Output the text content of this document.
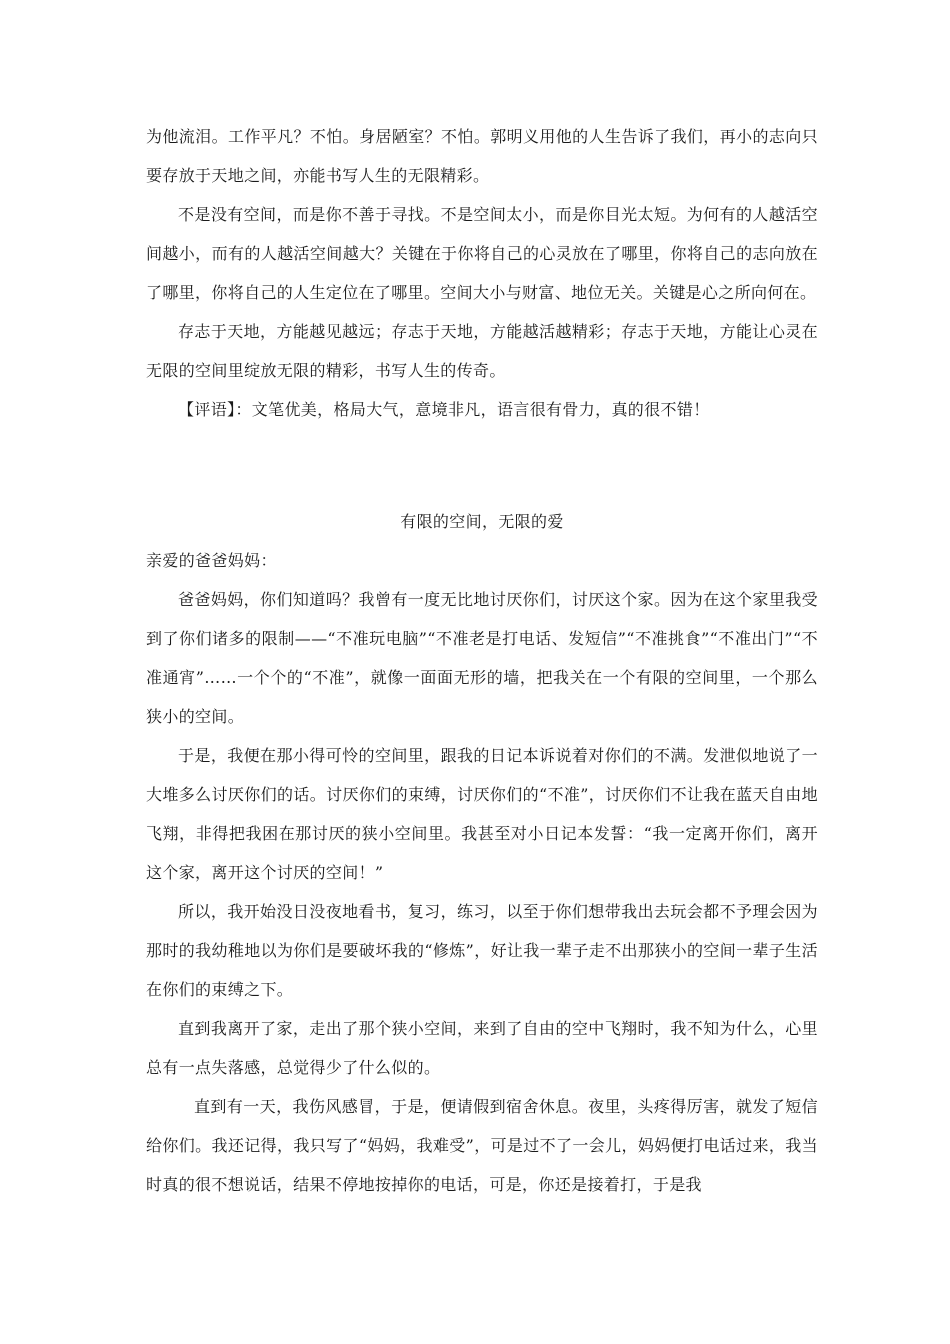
为他流泪。工作平凡？不怕。身居陋室？不怕。郭明义用他的人生告诉了我们，再小的志向只要存放于天地之间，亦能书写人生的无限精彩。

不是没有空间，而是你不善于寻找。不是空间太小，而是你目光太短。为何有的人越活空间越小，而有的人越活空间越大？关键在于你将自己的心灵放在了哪里，你将自己的志向放在了哪里，你将自己的人生定位在了哪里。空间大小与财富、地位无关。关键是心之所向何在。

存志于天地，方能越见越远；存志于天地，方能越活越精彩；存志于天地，方能让心灵在无限的空间里绽放无限的精彩，书写人生的传奇。

【评语】：文笔优美，格局大气，意境非凡，语言很有骨力，真的很不错！

有限的空间，无限的爱

亲爱的爸爸妈妈：

爸爸妈妈，你们知道吗？我曾有一度无比地讨厌你们，讨厌这个家。因为在这个家里我受到了你们诸多的限制——“不准玩电脑”“不准老是打电话、发短信”“不准挑食”“不准出门”“不准通宵”……一个个的“不准”，就像一面面无形的墙，把我关在一个有限的空间里，一个那么狭小的空间。

于是，我便在那小得可怜的空间里，跟我的日记本诉说着对你们的不满。发泄似地说了一大堆多么讨厌你们的话。讨厌你们的束缚，讨厌你们的“不准”，讨厌你们不让我在蓝天自由地飞翔，非得把我困在那讨厌的狭小空间里。我甚至对小日记本发誓：“我一定离开你们，离开这个家，离开这个讨厌的空间！”

所以，我开始没日没夜地看书，复习，练习，以至于你们想带我出去玩会都不予理会因为那时的我幼稚地以为你们是要破坏我的“修炼”，好让我一辈子走不出那狭小的空间一辈子生活在你们的束缚之下。

直到我离开了家，走出了那个狭小空间，来到了自由的空中飞翔时，我不知为什么，心里总有一点失落感，总觉得少了什么似的。

直到有一天，我伤风感冒，于是，便请假到宿舍休息。夜里，头疼得厉害，就发了短信给你们。我还记得，我只写了“妈妈，我难受”，可是过不了一会儿，妈妈便打电话过来，我当时真的很不想说话，结果不停地按掉你的电话，可是，你还是接着打，于是我
